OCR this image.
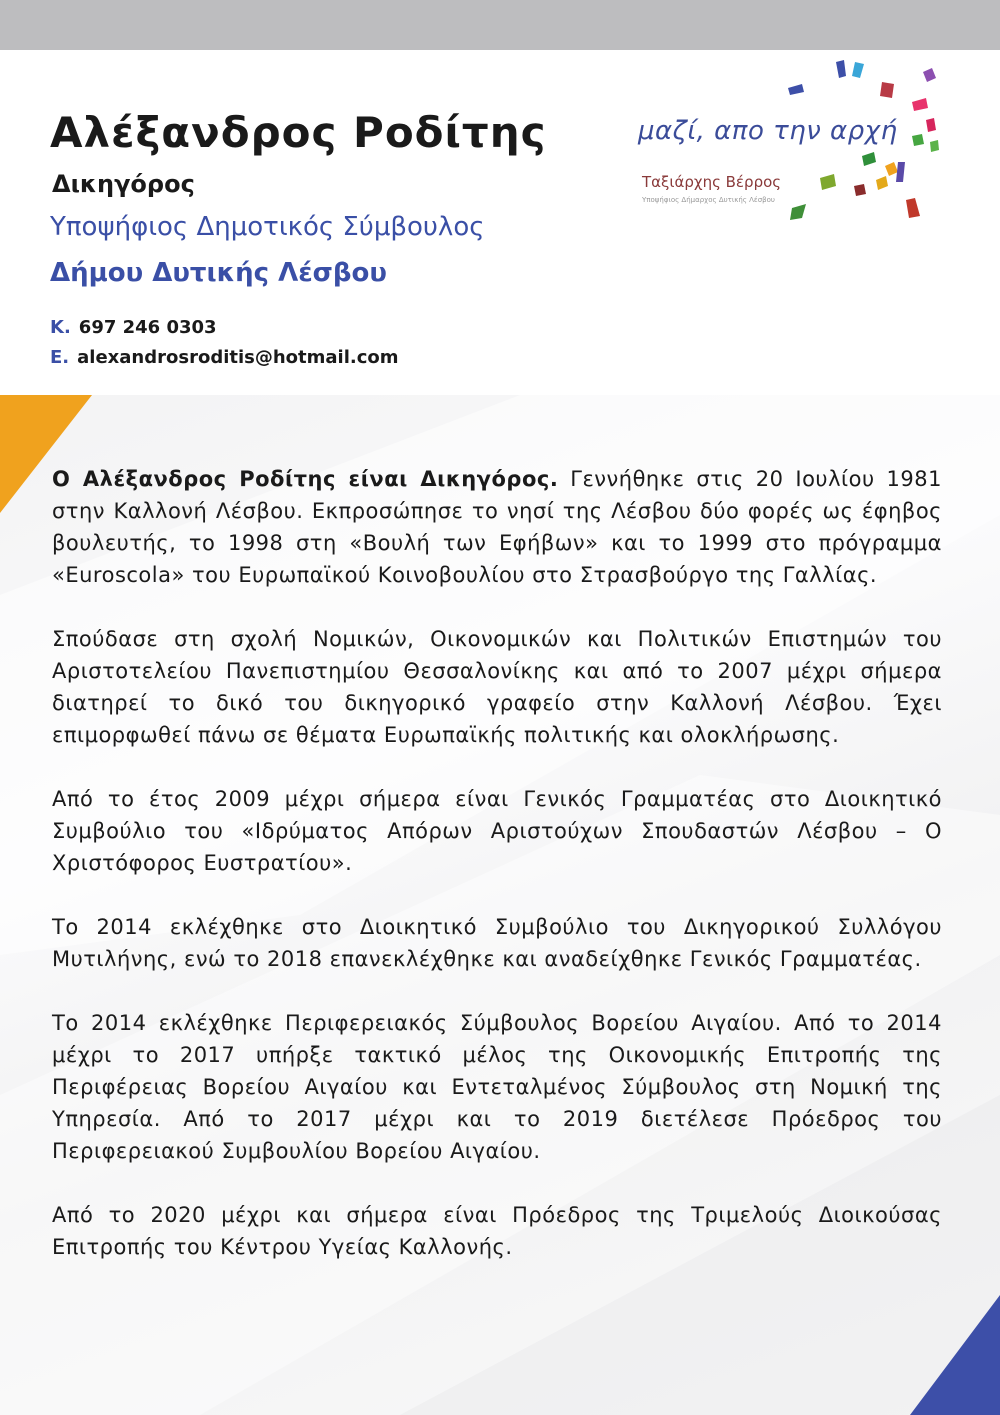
Αλέξανδρος Ροδίτης
Δικηγόρος
Υποψήφιος Δημοτικός Σύμβουλος
Δήμου Δυτικής Λέσβου
K. 697 246 0303
E. alexandrosroditis@hotmail.com
μαζί, απο την αρχή
Ταξιάρχης Βέρρος
Υποψήφιος Δήμαρχος Δυτικής Λέσβου

Ο Αλέξανδρος Ροδίτης είναι Δικηγόρος. Γεννήθηκε στις 20 Ιουλίου 1981 στην Καλλονή Λέσβου. Εκπροσώπησε το νησί της Λέσβου δύο φορές ως έφηβος βουλευτής, το 1998 στη «Βουλή των Εφήβων» και το 1999 στο πρόγραμμα «Euroscola» του Ευρωπαϊκού Κοινοβουλίου στο Στρασβούργο της Γαλλίας.

Σπούδασε στη σχολή Νομικών, Οικονομικών και Πολιτικών Επιστημών του Αριστοτελείου Πανεπιστημίου Θεσσαλονίκης και από το 2007 μέχρι σήμερα διατηρεί το δικό του δικηγορικό γραφείο στην Καλλονή Λέσβου. Έχει επιμορφωθεί πάνω σε θέματα Ευρωπαϊκής πολιτικής και ολοκλήρωσης.

Από το έτος 2009 μέχρι σήμερα είναι Γενικός Γραμματέας στο Διοικητικό Συμβούλιο του «Ιδρύματος Απόρων Αριστούχων Σπουδαστών Λέσβου – Ο Χριστόφορος Ευστρατίου».

Το 2014 εκλέχθηκε στο Διοικητικό Συμβούλιο του Δικηγορικού Συλλόγου Μυτιλήνης, ενώ το 2018 επανεκλέχθηκε και αναδείχθηκε Γενικός Γραμματέας.

Το 2014 εκλέχθηκε Περιφερειακός Σύμβουλος Βορείου Αιγαίου. Από το 2014 μέχρι το 2017 υπήρξε τακτικό μέλος της Οικονομικής Επιτροπής της Περιφέρειας Βορείου Αιγαίου και Εντεταλμένος Σύμβουλος στη Νομική της Υπηρεσία. Από το 2017 μέχρι και το 2019 διετέλεσε Πρόεδρος του Περιφερειακού Συμβουλίου Βορείου Αιγαίου.

Από το 2020 μέχρι και σήμερα είναι Πρόεδρος της Τριμελούς Διοικούσας Επιτροπής του Κέντρου Υγείας Καλλονής.
